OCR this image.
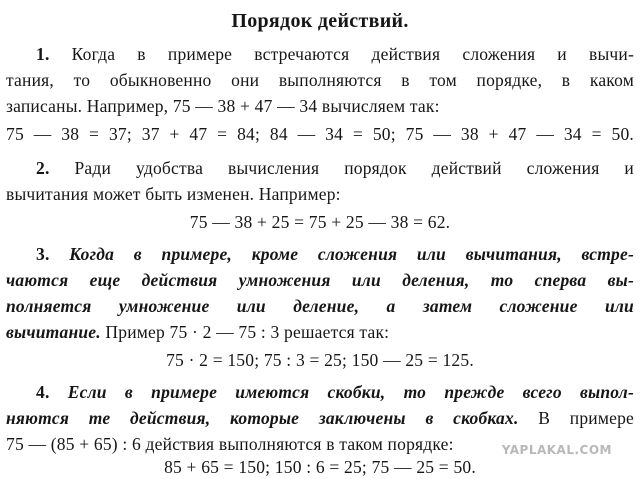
Порядок действий.
1. Когда в примере встречаются действия сложения и вычи-
тания, то обыкновенно они выполняются в том порядке, в каком
записаны. Например, 75 — 38 + 47 — 34 вычисляем так:
75 — 38 = 37; 37 + 47 = 84; 84 — 34 = 50; 75 — 38 + 47 — 34 = 50.
2. Ради удобства вычисления порядок действий сложения и
вычитания может быть изменен. Например:
75 — 38 + 25 = 75 + 25 — 38 = 62.
3. Когда в примере, кроме сложения или вычитания, встре-
чаются еще действия умножения или деления, то сперва вы-
полняется умножение или деление, а затем сложение или
вычитание. Пример 75 · 2 — 75 : 3 решается так:
75 · 2 = 150; 75 : 3 = 25; 150 — 25 = 125.
4. Если в примере имеются скобки, то прежде всего выпол-
няются те действия, которые заключены в скобках. В примере
75 — (85 + 65) : 6 действия выполняются в таком порядке:
85 + 65 = 150; 150 : 6 = 25; 75 — 25 = 50.
YAPLAKAL.COM
